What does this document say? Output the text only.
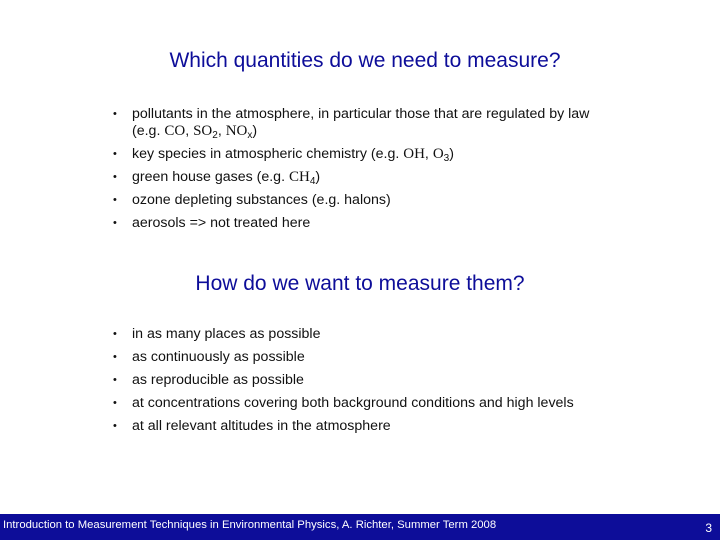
Which quantities do we need to measure?
• pollutants in the atmosphere, in particular those that are regulated by law (e.g. CO, $SO_2$, $NO_x$)
• key species in atmospheric chemistry (e.g. OH, $O_3$)
• green house gases (e.g. $CH_4$)
• ozone depleting substances (e.g. halons)
• aerosols => not treated here
How do we want to measure them?
• in as many places as possible
• as continuously as possible
• as reproducible as possible
• at concentrations covering both background conditions and high levels
• at all relevant altitudes in the atmosphere
Introduction to Measurement Techniques in Environmental Physics, A. Richter, Summer Term 2008	3
